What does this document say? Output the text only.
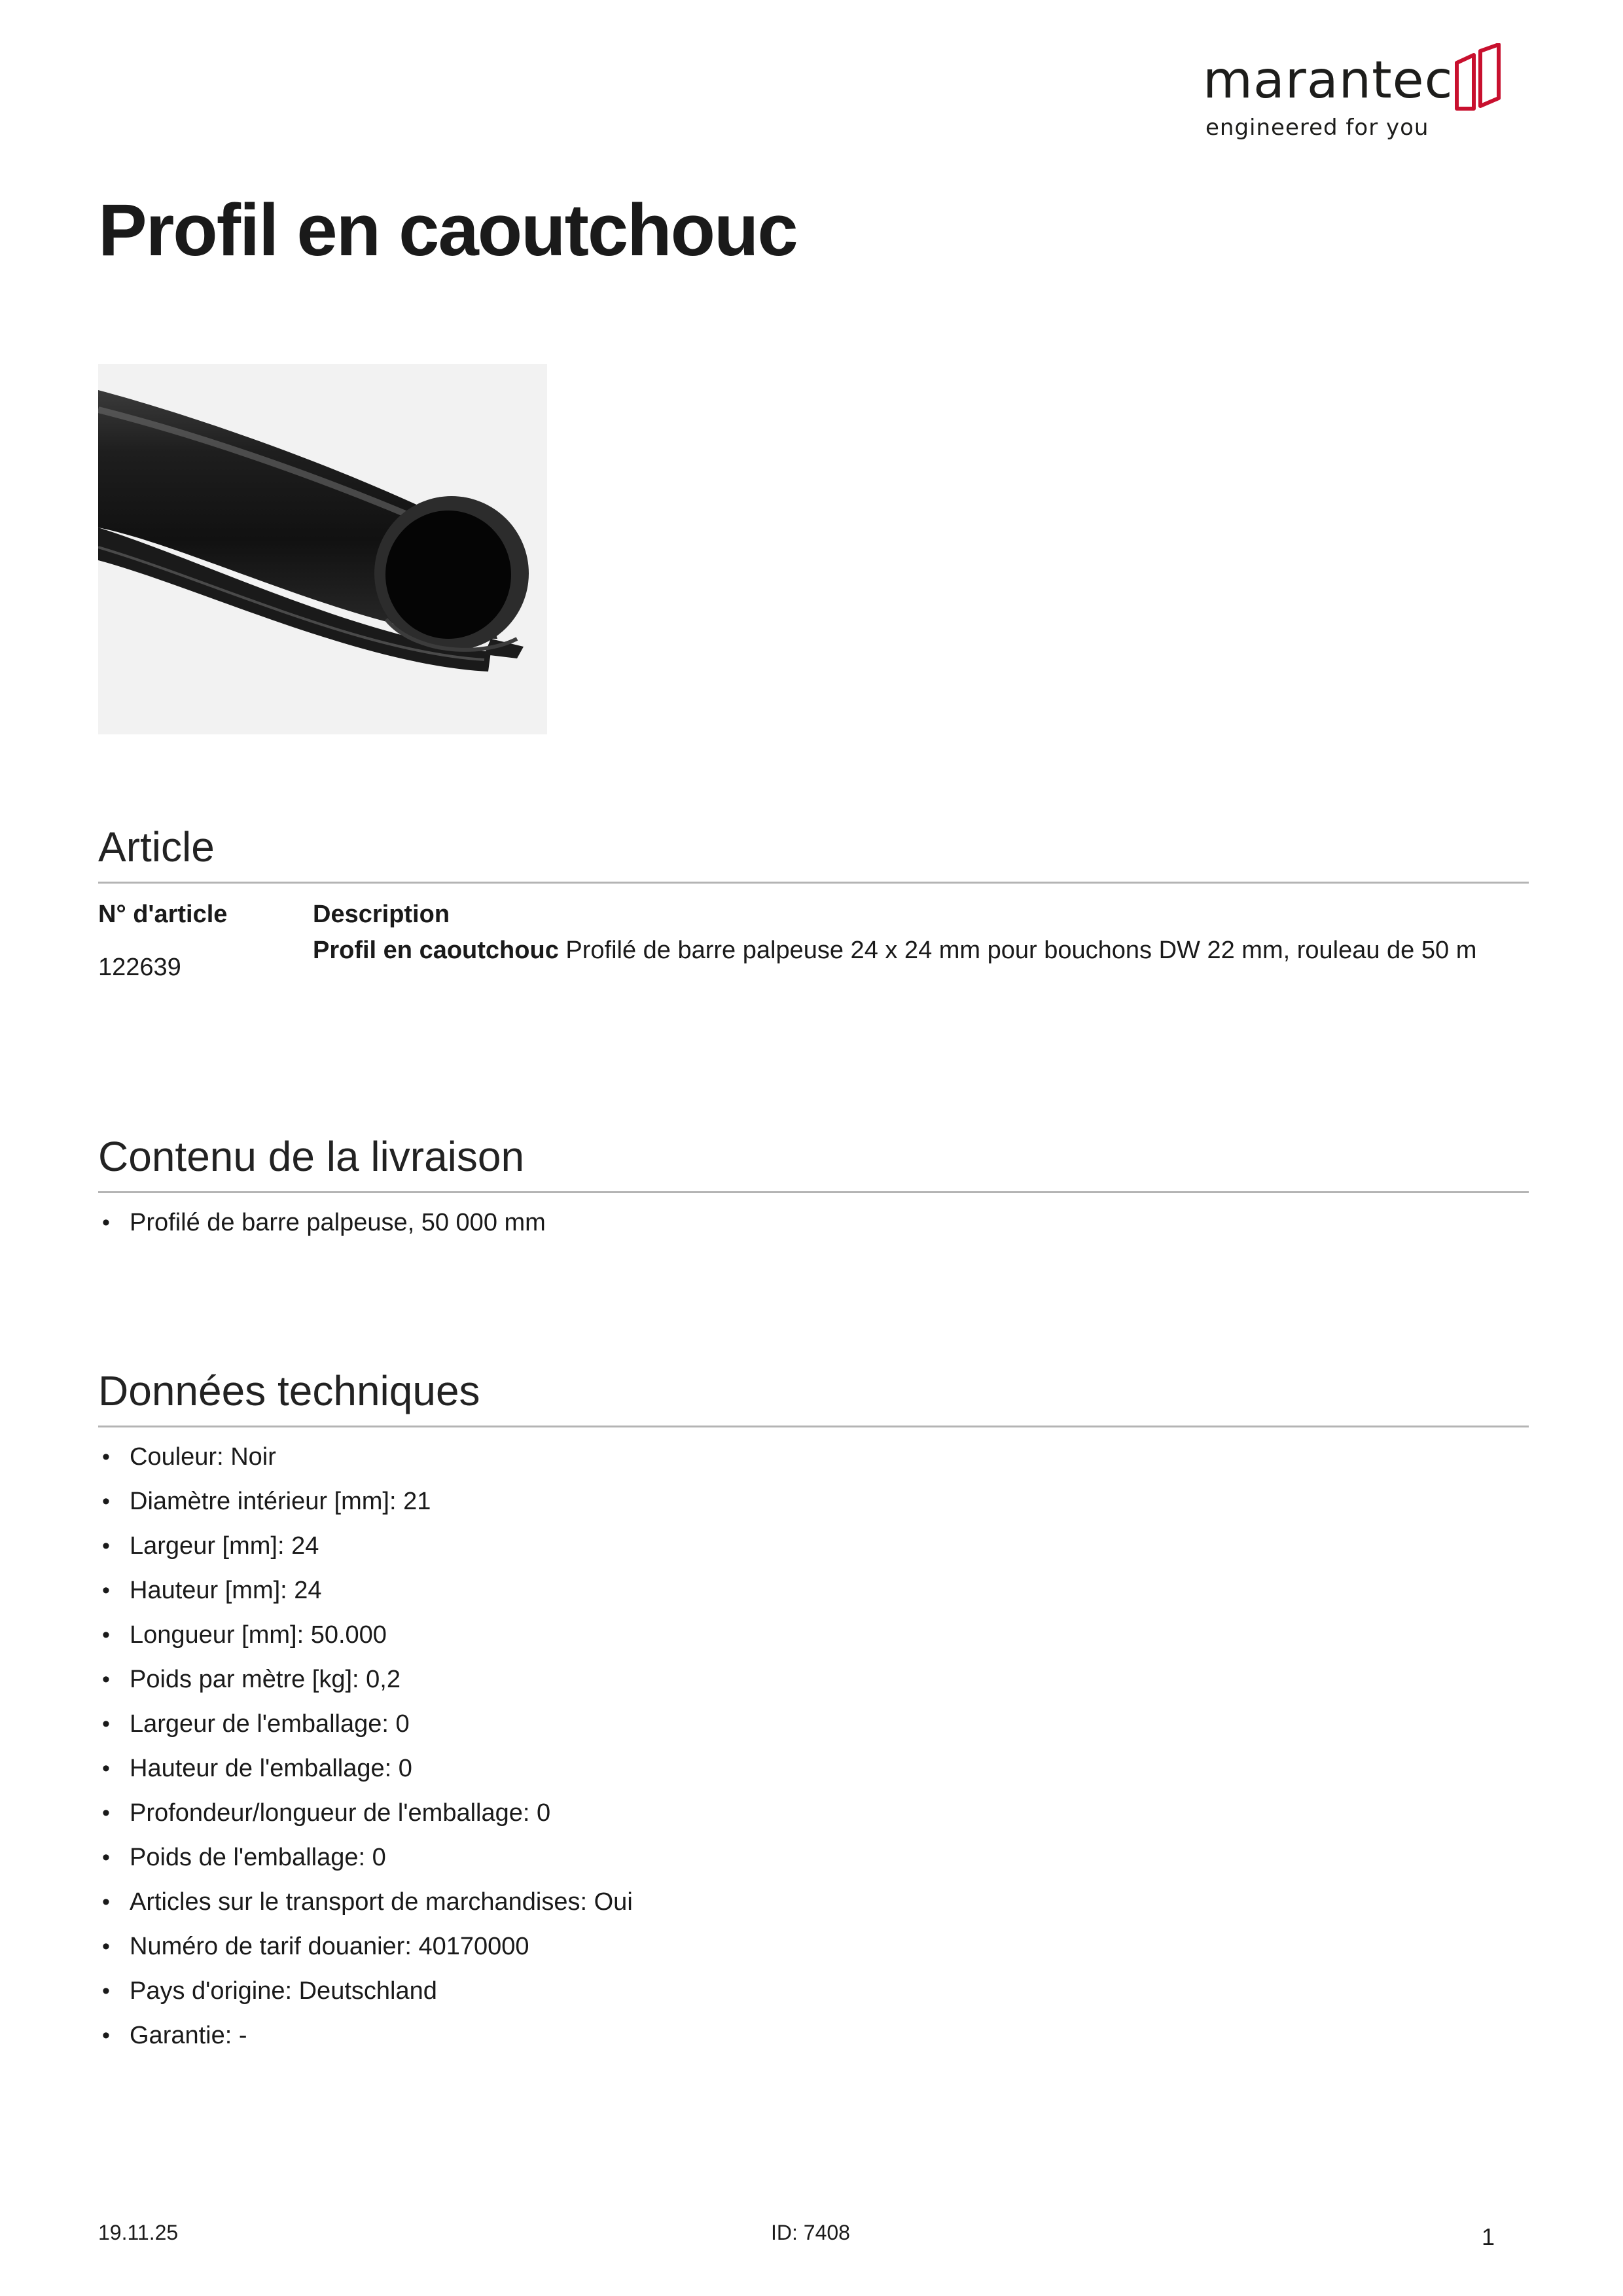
marantec
engineered for you
Profil en caoutchouc
Article
N° d'article	Description
122639
Profil en caoutchouc Profilé de barre palpeuse 24 x 24 mm pour bouchons DW 22 mm, rouleau de 50 m
Contenu de la livraison
• Profilé de barre palpeuse, 50 000 mm
Données techniques
• Couleur: Noir
• Diamètre intérieur [mm]: 21
• Largeur [mm]: 24
• Hauteur [mm]: 24
• Longueur [mm]: 50.000
• Poids par mètre [kg]: 0,2
• Largeur de l'emballage: 0
• Hauteur de l'emballage: 0
• Profondeur/longueur de l'emballage: 0
• Poids de l'emballage: 0
• Articles sur le transport de marchandises: Oui
• Numéro de tarif douanier: 40170000
• Pays d'origine: Deutschland
• Garantie: -
19.11.25	ID: 7408	1
